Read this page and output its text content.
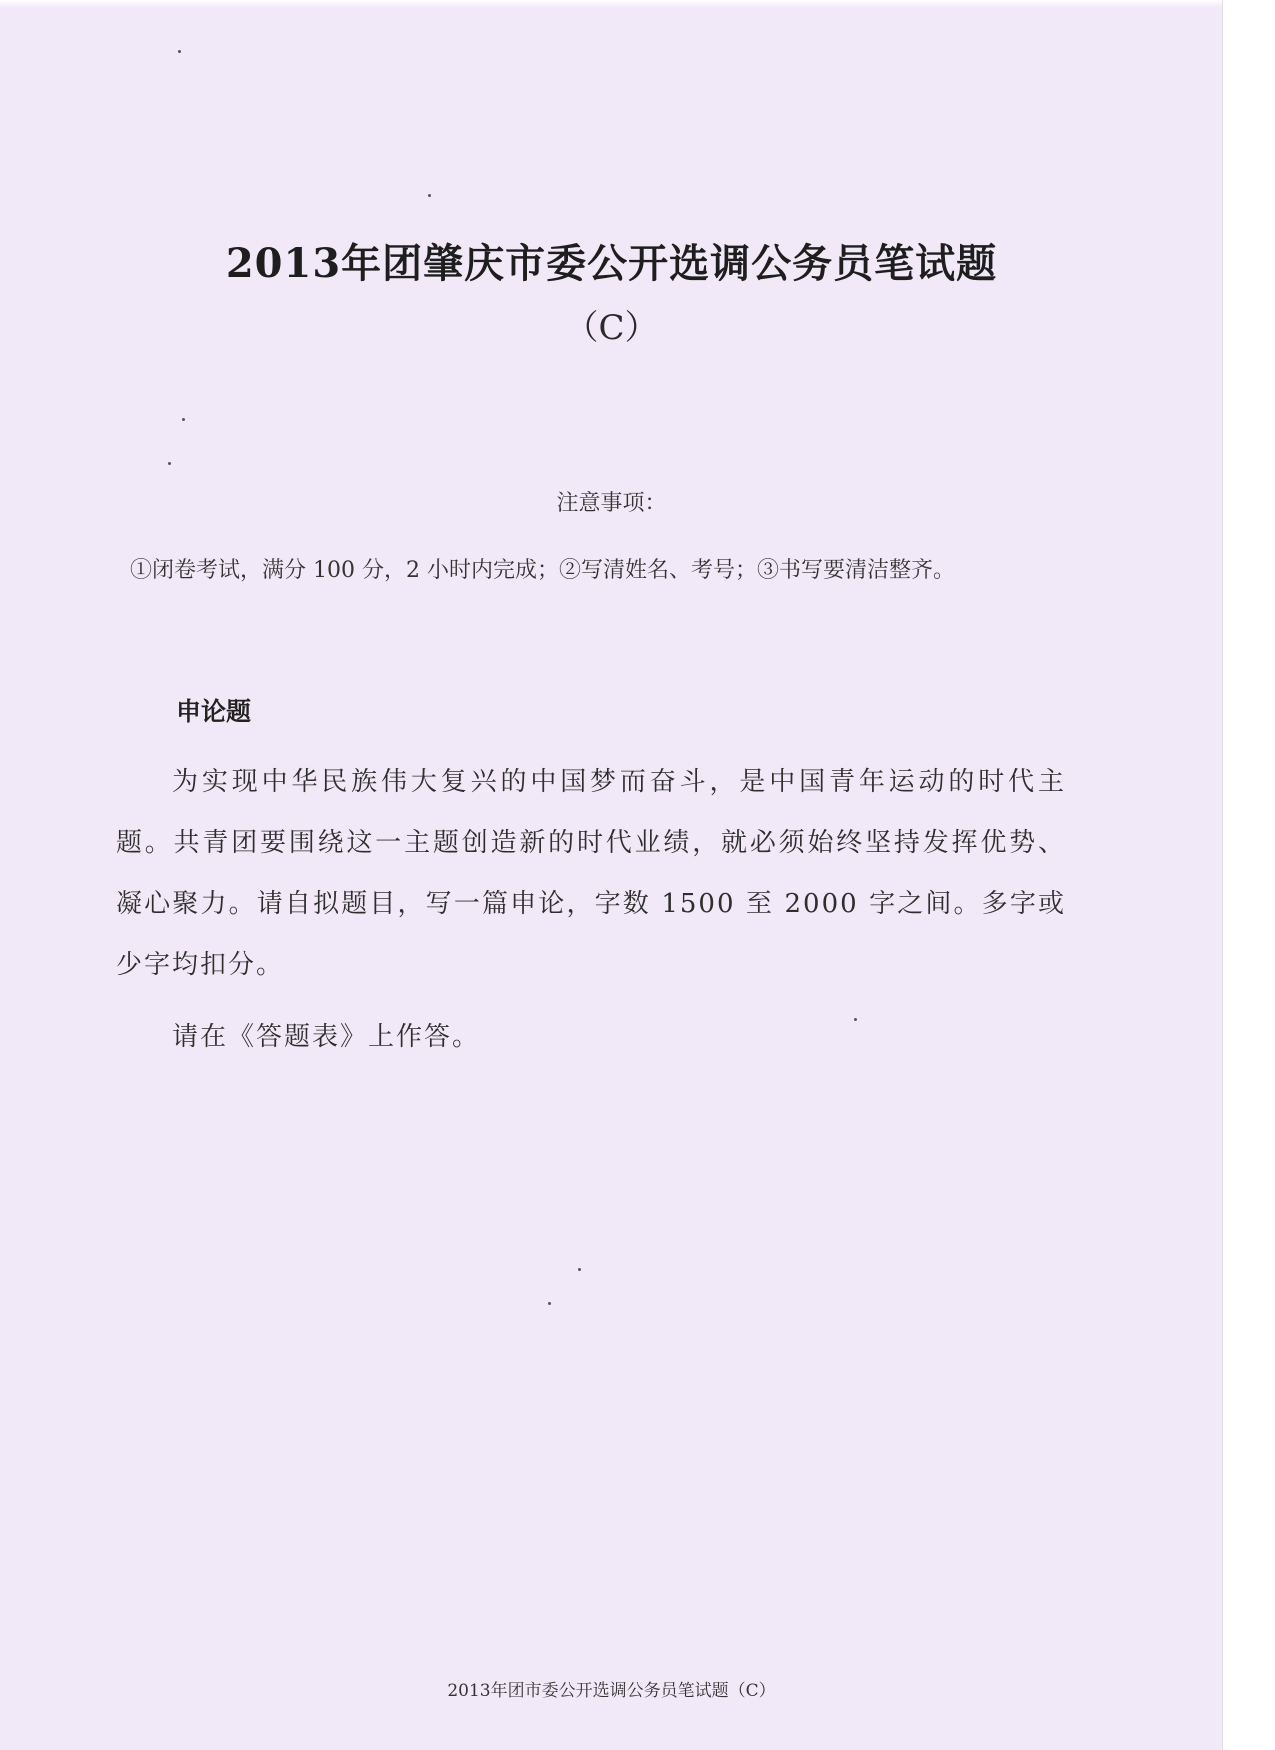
2013年团肇庆市委公开选调公务员笔试题
（C）
注意事项：
①闭卷考试，满分 100 分，2 小时内完成；②写清姓名、考号；③书写要清洁整齐。
申论题

为实现中华民族伟大复兴的中国梦而奋斗，是中国青年运动的时代主题。共青团要围绕这一主题创造新的时代业绩，就必须始终坚持发挥优势、凝心聚力。请自拟题目，写一篇申论，字数 1500 至 2000 字之间。多字或少字均扣分。

请在《答题表》上作答。

2013年团市委公开选调公务员笔试题（C）
